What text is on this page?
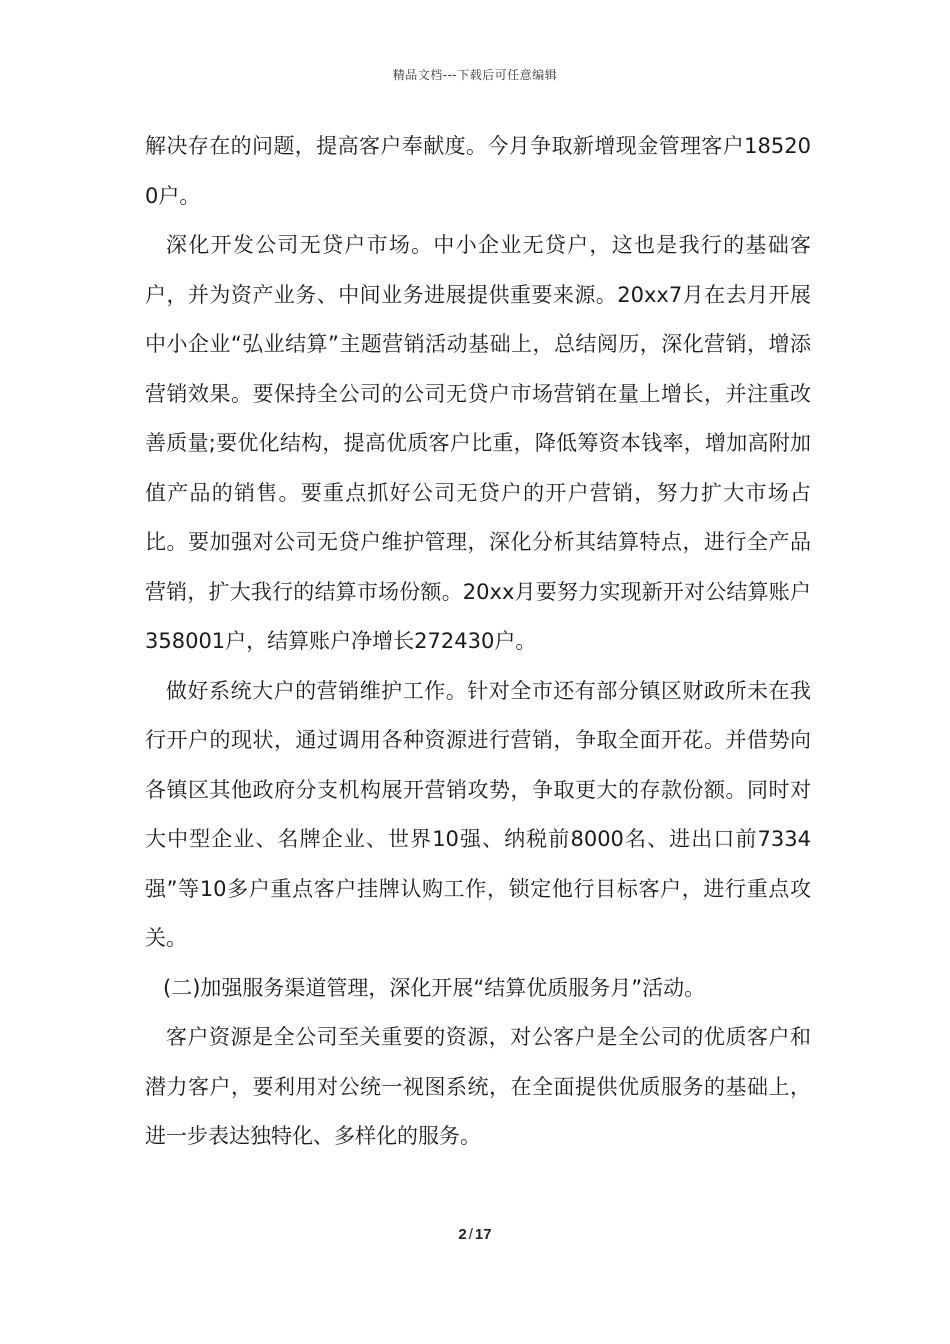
精品文档---下载后可任意编辑

解决存在的问题，提高客户奉献度。今月争取新增现金管理客户185200户。

深化开发公司无贷户市场。中小企业无贷户，这也是我行的基础客户，并为资产业务、中间业务进展提供重要来源。20xx7月在去月开展中小企业“弘业结算”主题营销活动基础上，总结阅历，深化营销，增添营销效果。要保持全公司的公司无贷户市场营销在量上增长，并注重改善质量;要优化结构，提高优质客户比重，降低筹资本钱率，增加高附加值产品的销售。要重点抓好公司无贷户的开户营销，努力扩大市场占比。要加强对公司无贷户维护管理，深化分析其结算特点，进行全产品营销，扩大我行的结算市场份额。20xx月要努力实现新开对公结算账户358001户，结算账户净增长272430户。

做好系统大户的营销维护工作。针对全市还有部分镇区财政所未在我行开户的现状，通过调用各种资源进行营销，争取全面开花。并借势向各镇区其他政府分支机构展开营销攻势，争取更大的存款份额。同时对大中型企业、名牌企业、世界10强、纳税前8000名、进出口前7334强”等10多户重点客户挂牌认购工作，锁定他行目标客户，进行重点攻关。

(二)加强服务渠道管理，深化开展“结算优质服务月”活动。

客户资源是全公司至关重要的资源，对公客户是全公司的优质客户和潜力客户，要利用对公统一视图系统，在全面提供优质服务的基础上，进一步表达独特化、多样化的服务。

2 / 17
